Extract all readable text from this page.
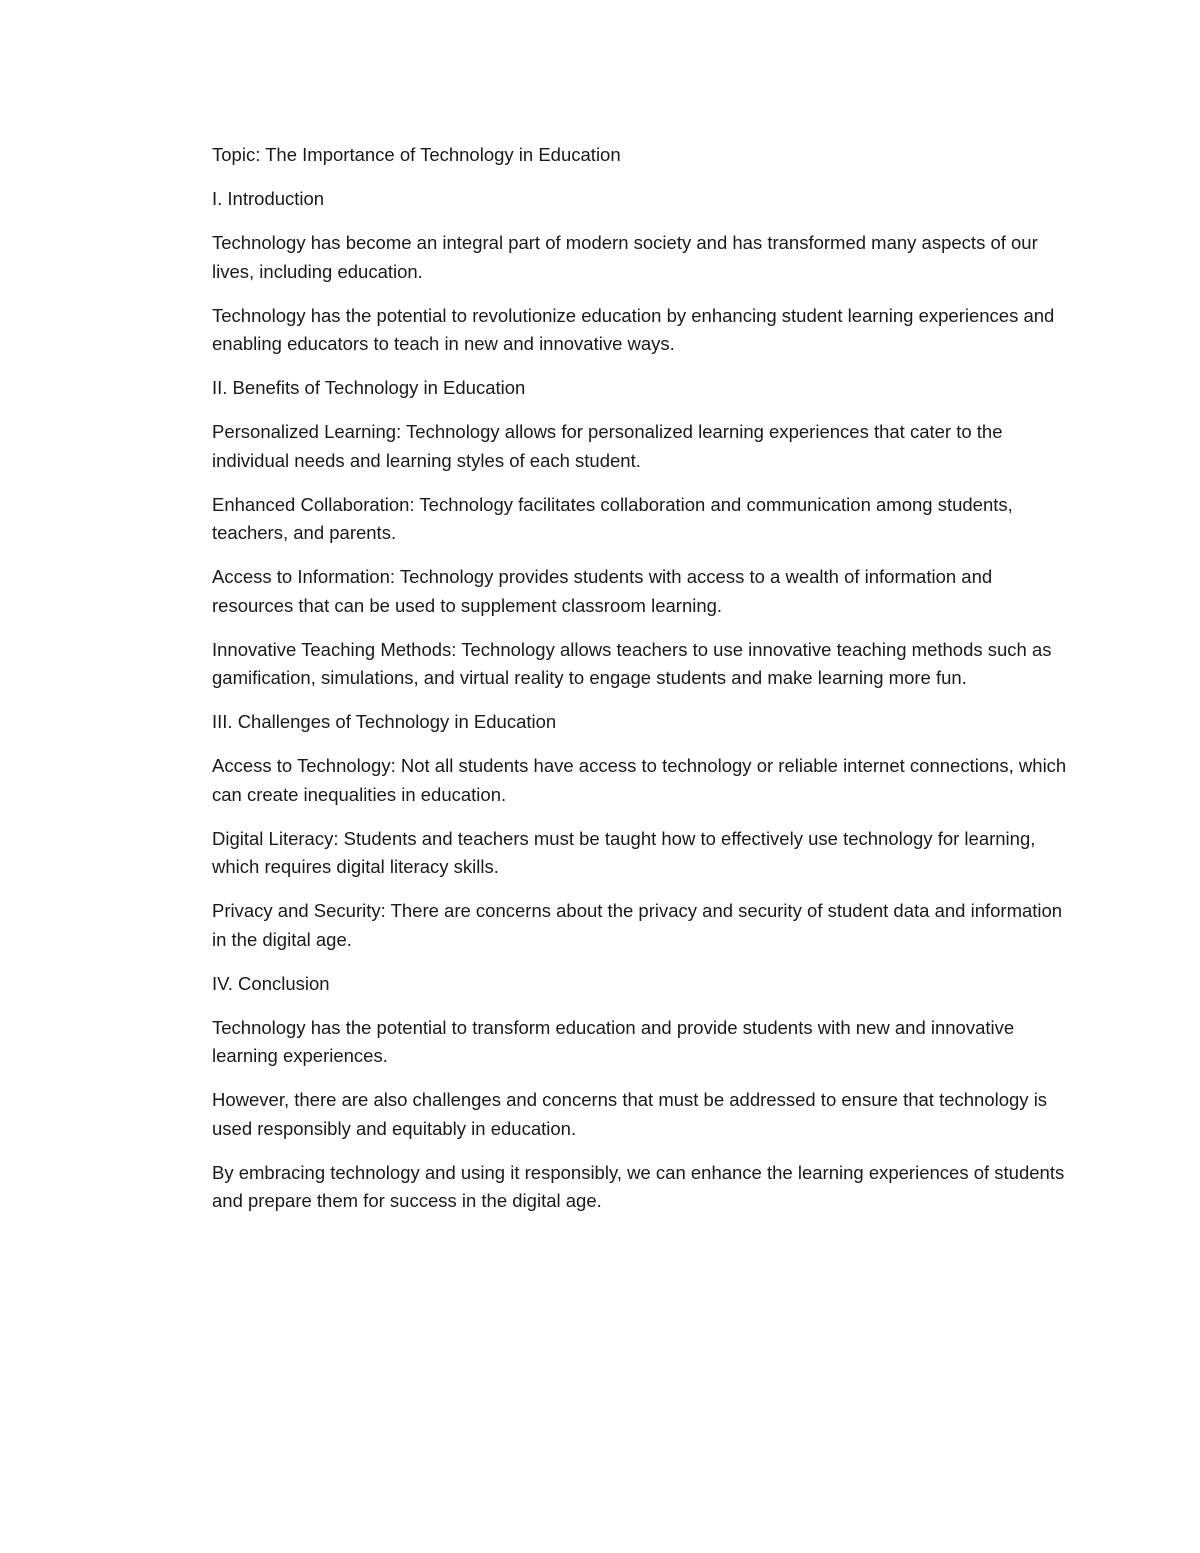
Topic: The Importance of Technology in Education

I. Introduction

Technology has become an integral part of modern society and has transformed many aspects of our lives, including education.

Technology has the potential to revolutionize education by enhancing student learning experiences and enabling educators to teach in new and innovative ways.

II. Benefits of Technology in Education

Personalized Learning: Technology allows for personalized learning experiences that cater to the individual needs and learning styles of each student.

Enhanced Collaboration: Technology facilitates collaboration and communication among students, teachers, and parents.

Access to Information: Technology provides students with access to a wealth of information and resources that can be used to supplement classroom learning.

Innovative Teaching Methods: Technology allows teachers to use innovative teaching methods such as gamification, simulations, and virtual reality to engage students and make learning more fun.

III. Challenges of Technology in Education

Access to Technology: Not all students have access to technology or reliable internet connections, which can create inequalities in education.

Digital Literacy: Students and teachers must be taught how to effectively use technology for learning, which requires digital literacy skills.

Privacy and Security: There are concerns about the privacy and security of student data and information in the digital age.

IV. Conclusion

Technology has the potential to transform education and provide students with new and innovative learning experiences.

However, there are also challenges and concerns that must be addressed to ensure that technology is used responsibly and equitably in education.

By embracing technology and using it responsibly, we can enhance the learning experiences of students and prepare them for success in the digital age.
